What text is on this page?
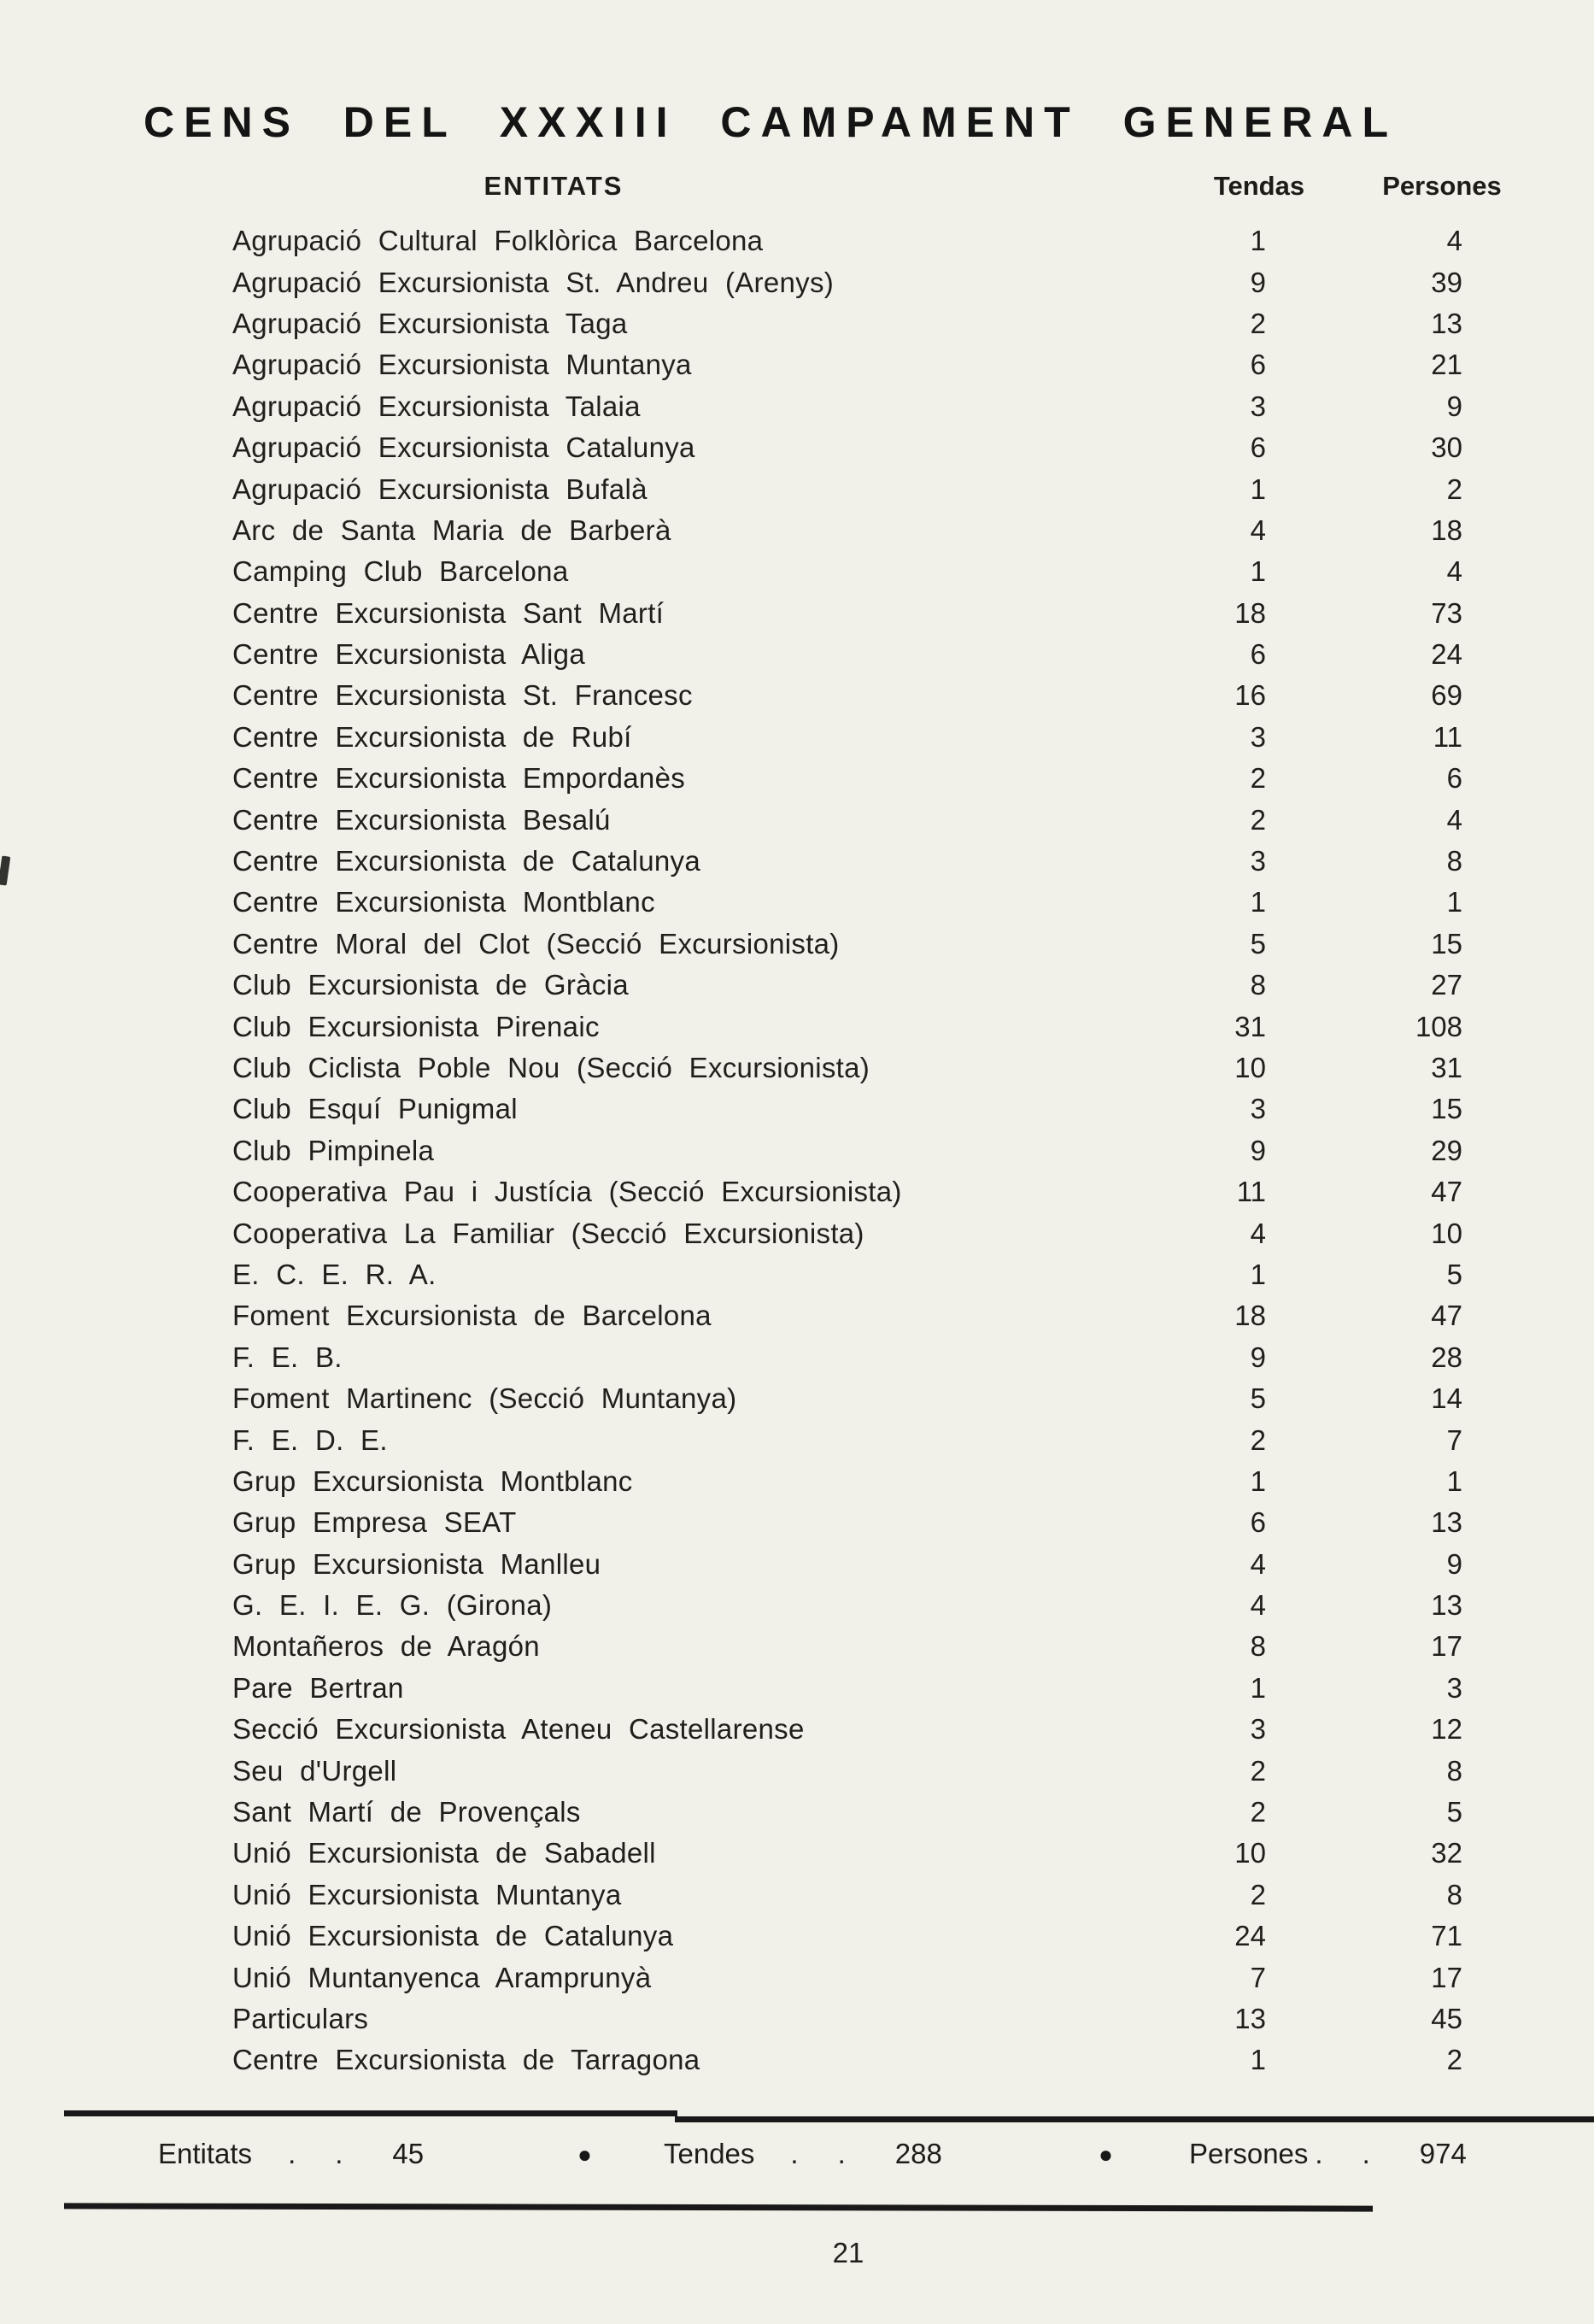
CENS DEL XXXIII CAMPAMENT GENERAL
ENTITATS	Tendas	Persones
Agrupació Cultural Folklòrica Barcelona	1	4
Agrupació Excursionista St. Andreu (Arenys)	9	39
Agrupació Excursionista Taga	2	13
Agrupació Excursionista Muntanya	6	21
Agrupació Excursionista Talaia	3	9
Agrupació Excursionista Catalunya	6	30
Agrupació Excursionista Bufalà	1	2
Arc de Santa Maria de Barberà	4	18
Camping Club Barcelona	1	4
Centre Excursionista Sant Martí	18	73
Centre Excursionista Aliga	6	24
Centre Excursionista St. Francesc	16	69
Centre Excursionista de Rubí	3	11
Centre Excursionista Empordanès	2	6
Centre Excursionista Besalú	2	4
Centre Excursionista de Catalunya	3	8
Centre Excursionista Montblanc	1	1
Centre Moral del Clot (Secció Excursionista)	5	15
Club Excursionista de Gràcia	8	27
Club Excursionista Pirenaic	31	108
Club Ciclista Poble Nou (Secció Excursionista)	10	31
Club Esquí Punigmal	3	15
Club Pimpinela	9	29
Cooperativa Pau i Justícia (Secció Excursionista)	11	47
Cooperativa La Familiar (Secció Excursionista)	4	10
E. C. E. R. A.	1	5
Foment Excursionista de Barcelona	18	47
F. E. B.	9	28
Foment Martinenc (Secció Muntanya)	5	14
F. E. D. E.	2	7
Grup Excursionista Montblanc	1	1
Grup Empresa SEAT	6	13
Grup Excursionista Manlleu	4	9
G. E. I. E. G. (Girona)	4	13
Montañeros de Aragón	8	17
Pare Bertran	1	3
Secció Excursionista Ateneu Castellarense	3	12
Seu d'Urgell	2	8
Sant Martí de Provençals	2	5
Unió Excursionista de Sabadell	10	32
Unió Excursionista Muntanya	2	8
Unió Excursionista de Catalunya	24	71
Unió Muntanyenca Aramprunyà	7	17
Particulars	13	45
Centre Excursionista de Tarragona	1	2
Entitats . . 45	●	Tendes . . 288	●	Persones . . 974
21
